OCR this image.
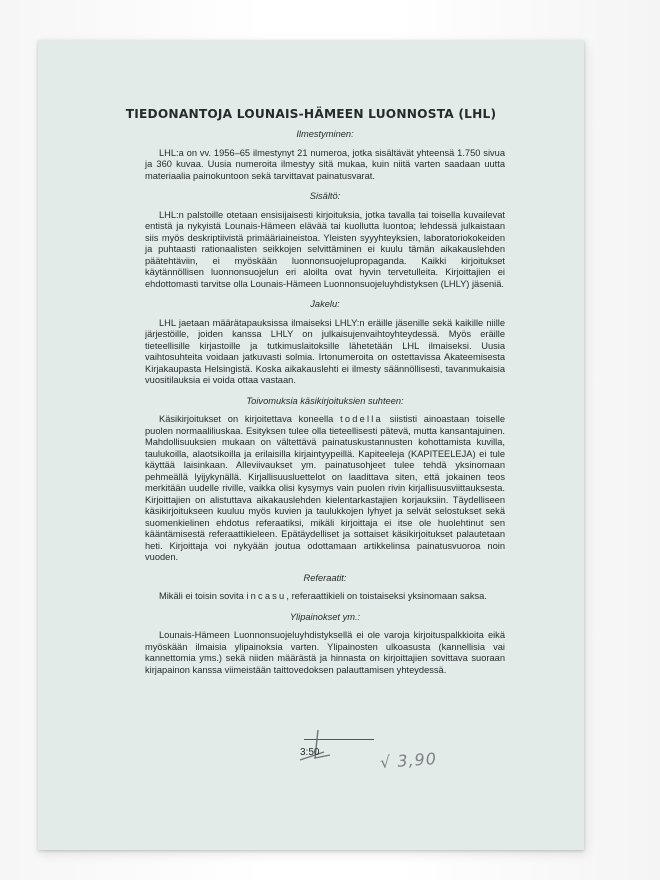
TIEDONANTOJA LOUNAIS-HÄMEEN LUONNOSTA (LHL)
Ilmestyminen:

LHL:a on vv. 1956–65 ilmestynyt 21 numeroa, jotka sisältävät yhteensä 1.750 sivua ja 360 kuvaa. Uusia numeroita ilmestyy sitä mukaa, kuin niitä varten saadaan uutta materiaalia painokuntoon sekä tarvittavat painatusvarat.

Sisältö:

LHL:n palstoille otetaan ensisijaisesti kirjoituksia, jotka tavalla tai toisella kuvailevat entistä ja nykyistä Lounais-Hämeen elävää tai kuollutta luontoa; lehdessä julkaistaan siis myös deskriptiivistä primääriaineistoa. Yleisten syyyhteyksien, laboratoriokokeiden ja puhtaasti rationaalisten seikkojen selvittäminen ei kuulu tämän aikakauslehden päätehtäviin, ei myöskään luonnonsuojelupropaganda. Kaikki kirjoitukset käytännöllisen luonnonsuojelun eri aloilta ovat hyvin tervetulleita. Kirjoittajien ei ehdottomasti tarvitse olla Lounais-Hämeen Luonnonsuojeluyhdistyksen (LHLY) jäseniä.

Jakelu:

LHL jaetaan määrätapauksissa ilmaiseksi LHLY:n eräille jäsenille sekä kaikille niille järjestöille, joiden kanssa LHLY on julkaisujenvaihtoyhteydessä. Myös eräille tieteellisille kirjastoille ja tutkimuslaitoksille lähetetään LHL ilmaiseksi. Uusia vaihtosuhteita voidaan jatkuvasti solmia. Irtonumeroita on ostettavissa Akateemisesta Kirjakaupasta Helsingistä. Koska aikakauslehti ei ilmesty säännöllisesti, tavanmukaisia vuositilauksia ei voida ottaa vastaan.

Toivomuksia käsikirjoituksien suhteen:

Käsikirjoitukset on kirjoitettava koneella todella siististi ainoastaan toiselle puolen normaaliliuskaa. Esityksen tulee olla tieteellisesti pätevä, mutta kansantajuinen. Mahdollisuuksien mukaan on vältettävä painatuskustannusten kohottamista kuvilla, taulukoilla, alaotsikoilla ja erilaisilla kirjaintyypeillä. Kapiteeleja (KAPITEELEJA) ei tule käyttää laisinkaan. Alleviivaukset ym. painatusohjeet tulee tehdä yksinomaan pehmeällä lyijykynällä. Kirjallisuusluettelot on laadittava siten, että jokainen teos merkitään uudelle riville, vaikka olisi kysymys vain puolen rivin kirjallisuusviittauksesta. Kirjoittajien on alistuttava aikakauslehden kielentarkastajien korjauksiin. Täydelliseen käsikirjoitukseen kuuluu myös kuvien ja taulukkojen lyhyet ja selvät selostukset sekä suomenkielinen ehdotus referaatiksi, mikäli kirjoittaja ei itse ole huolehtinut sen kääntämisestä referaattikieleen. Epätäydelliset ja sottaiset käsikirjoitukset palautetaan heti. Kirjoittaja voi nykyään joutua odottamaan artikkelinsa painatusvuoroa noin vuoden.

Referaatit:

Mikäli ei toisin sovita incasu, referaattikieli on toistaiseksi yksinomaan saksa.

Ylipainokset ym.:

Lounais-Hämeen Luonnonsuojeluyhdistyksellä ei ole varoja kirjoituspalkkioita eikä myöskään ilmaisia ylipainoksia varten. Ylipainosten ulkoasusta (kannellisia vai kannettomia yms.) sekä niiden määrästä ja hinnasta on kirjoittajien sovittava suoraan kirjapainon kanssa viimeistään taittovedoksen palauttamisen yhteydessä.

3:50	√ 3,90
